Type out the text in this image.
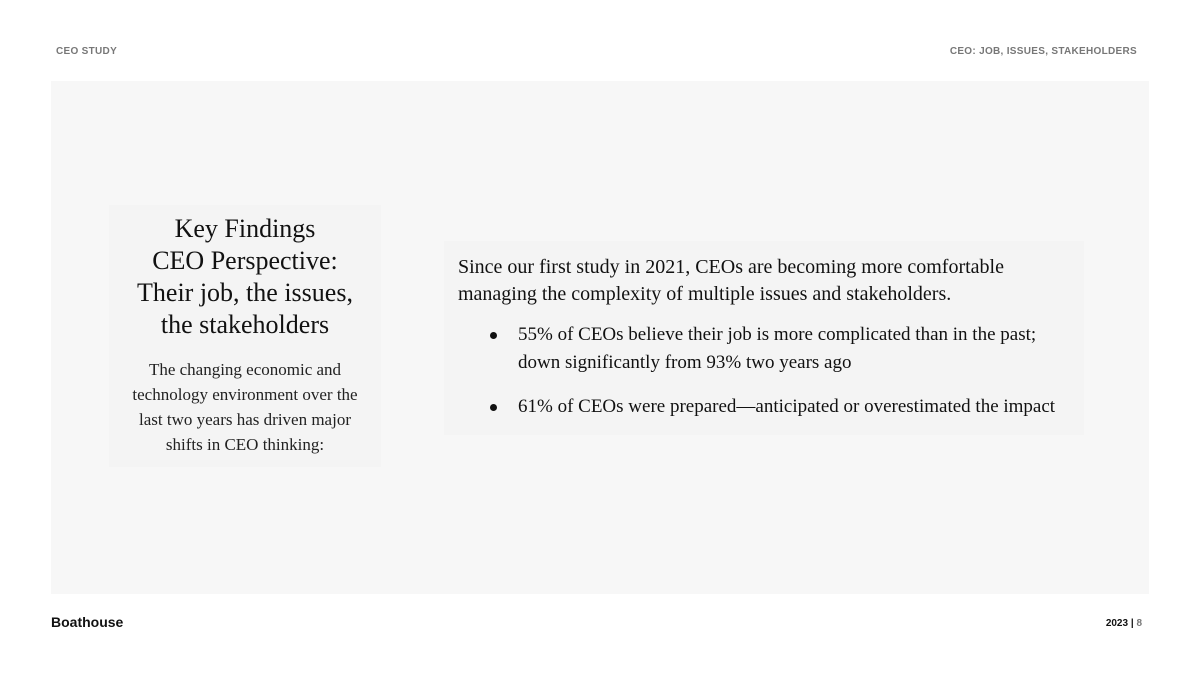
CEO STUDY	CEO: JOB, ISSUES, STAKEHOLDERS
Key Findings
CEO Perspective:
Their job, the issues,
the stakeholders

The changing economic and technology environment over the last two years has driven major shifts in CEO thinking:

Since our first study in 2021, CEOs are becoming more comfortable managing the complexity of multiple issues and stakeholders.

55% of CEOs believe their job is more complicated than in the past; down significantly from 93% two years ago
61% of CEOs were prepared—anticipated or overestimated the impact
Boathouse	2023 | 8
